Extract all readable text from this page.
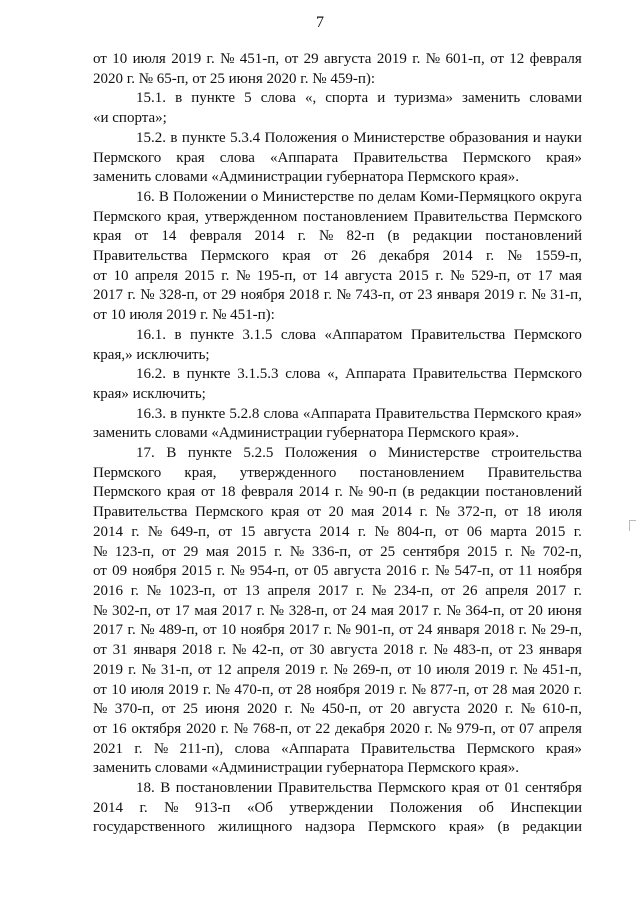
7
от 10 июля 2019 г. № 451-п, от 29 августа 2019 г. № 601-п, от 12 февраля
2020 г. № 65-п, от 25 июня 2020 г. № 459-п):
15.1. в пункте 5 слова «, спорта и туризма» заменить словами
«и спорта»;
15.2. в пункте 5.3.4 Положения о Министерстве образования и науки
Пермского края слова «Аппарата Правительства Пермского края»
заменить словами «Администрации губернатора Пермского края».
16. В Положении о Министерстве по делам Коми-Пермяцкого округа
Пермского края, утвержденном постановлением Правительства Пермского
края от 14 февраля 2014 г. № 82-п (в редакции постановлений
Правительства Пермского края от 26 декабря 2014 г. № 1559-п,
от 10 апреля 2015 г. № 195-п, от 14 августа 2015 г. № 529-п, от 17 мая
2017 г. № 328-п, от 29 ноября 2018 г. № 743-п, от 23 января 2019 г. № 31-п,
от 10 июля 2019 г. № 451-п):
16.1. в пункте 3.1.5 слова «Аппаратом Правительства Пермского
края,» исключить;
16.2. в пункте 3.1.5.3 слова «, Аппарата Правительства Пермского
края» исключить;
16.3. в пункте 5.2.8 слова «Аппарата Правительства Пермского края»
заменить словами «Администрации губернатора Пермского края».
17. В пункте 5.2.5 Положения о Министерстве строительства
Пермского края, утвержденного постановлением Правительства
Пермского края от 18 февраля 2014 г. № 90-п (в редакции постановлений
Правительства Пермского края от 20 мая 2014 г. № 372-п, от 18 июля
2014 г. № 649-п, от 15 августа 2014 г. № 804-п, от 06 марта 2015 г.
№ 123-п, от 29 мая 2015 г. № 336-п, от 25 сентября 2015 г. № 702-п,
от 09 ноября 2015 г. № 954-п, от 05 августа 2016 г. № 547-п, от 11 ноября
2016 г. № 1023-п, от 13 апреля 2017 г. № 234-п, от 26 апреля 2017 г.
№ 302-п, от 17 мая 2017 г. № 328-п, от 24 мая 2017 г. № 364-п, от 20 июня
2017 г. № 489-п, от 10 ноября 2017 г. № 901-п, от 24 января 2018 г. № 29-п,
от 31 января 2018 г. № 42-п, от 30 августа 2018 г. № 483-п, от 23 января
2019 г. № 31-п, от 12 апреля 2019 г. № 269-п, от 10 июля 2019 г. № 451-п,
от 10 июля 2019 г. № 470-п, от 28 ноября 2019 г. № 877-п, от 28 мая 2020 г.
№ 370-п, от 25 июня 2020 г. № 450-п, от 20 августа 2020 г. № 610-п,
от 16 октября 2020 г. № 768-п, от 22 декабря 2020 г. № 979-п, от 07 апреля
2021 г. № 211-п), слова «Аппарата Правительства Пермского края»
заменить словами «Администрации губернатора Пермского края».
18. В постановлении Правительства Пермского края от 01 сентября
2014 г. № 913-п «Об утверждении Положения об Инспекции
государственного жилищного надзора Пермского края» (в редакции
